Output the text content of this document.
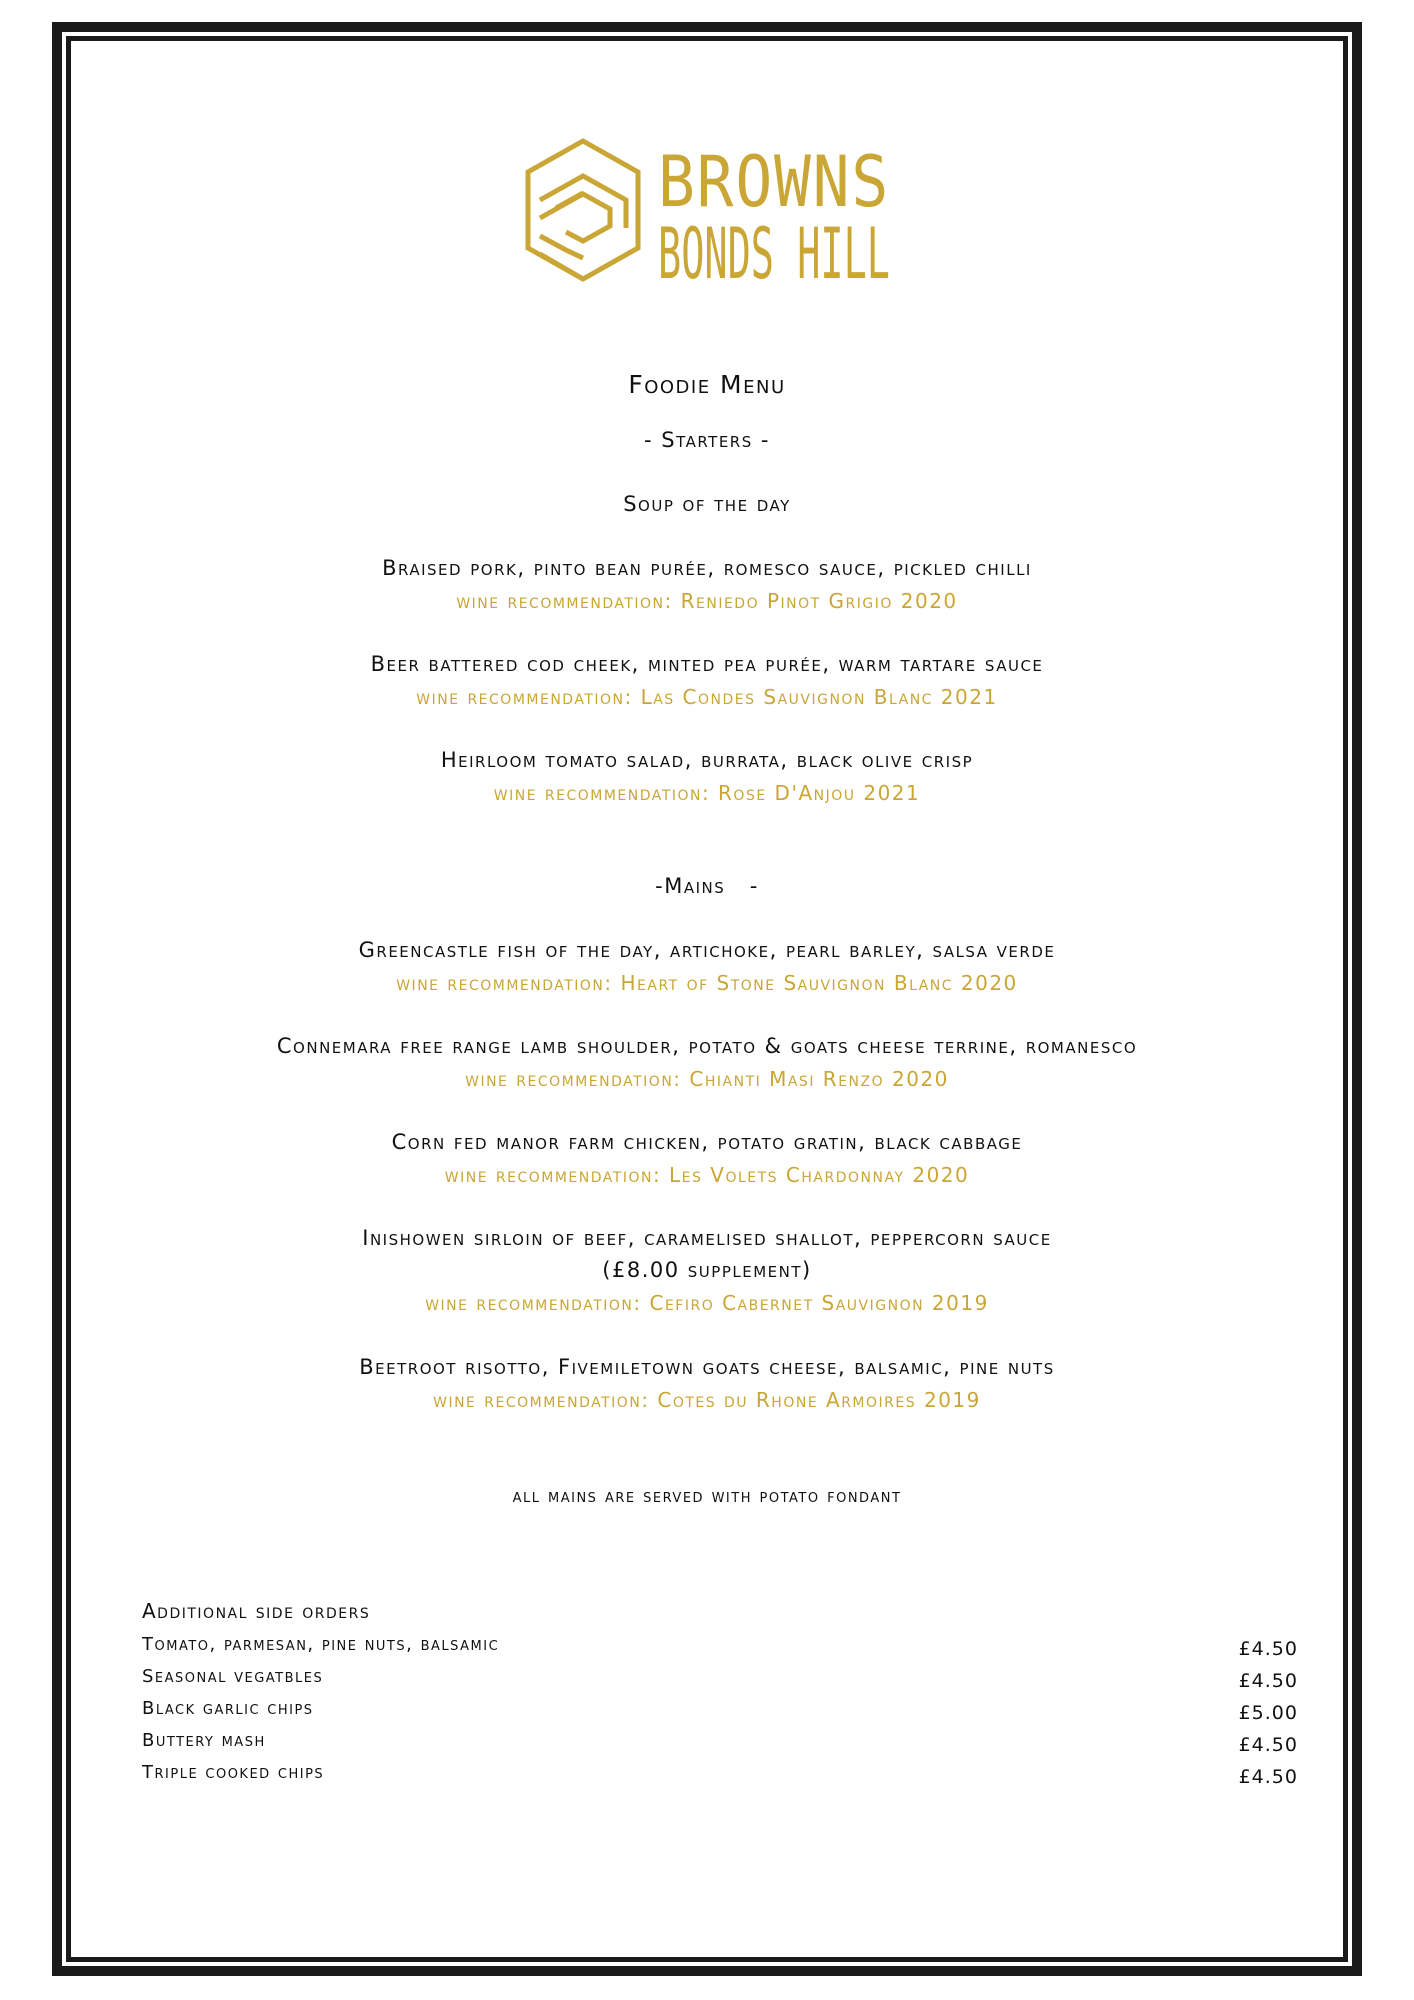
BROWNS
BONDS HILL
Foodie Menu
- Starters -
Soup of the day
Braised pork, pinto bean purée, romesco sauce, pickled chilli
wine recommendation: Reniedo Pinot Grigio 2020
Beer battered cod cheek, minted pea purée, warm tartare sauce
wine recommendation: Las Condes Sauvignon Blanc 2021
Heirloom tomato salad, burrata, black olive crisp
wine recommendation: Rose D'Anjou 2021
-Mains   -
Greencastle fish of the day, artichoke, pearl barley, salsa verde
wine recommendation: Heart of Stone Sauvignon Blanc 2020
Connemara free range lamb shoulder, potato & goats cheese terrine, romanesco
wine recommendation: Chianti Masi Renzo 2020
Corn fed manor farm chicken, potato gratin, black cabbage
wine recommendation: Les Volets Chardonnay 2020
Inishowen sirloin of beef, caramelised shallot, peppercorn sauce
(£8.00 supplement)
wine recommendation: Cefiro Cabernet Sauvignon 2019
Beetroot risotto, Fivemiletown goats cheese, balsamic, pine nuts
wine recommendation: Cotes du Rhone Armoires 2019
all mains are served with potato fondant
Additional side orders
Tomato, parmesan, pine nuts, balsamic	£4.50
Seasonal vegatbles	£4.50
Black garlic chips	£5.00
Buttery mash	£4.50
Triple cooked chips	£4.50
